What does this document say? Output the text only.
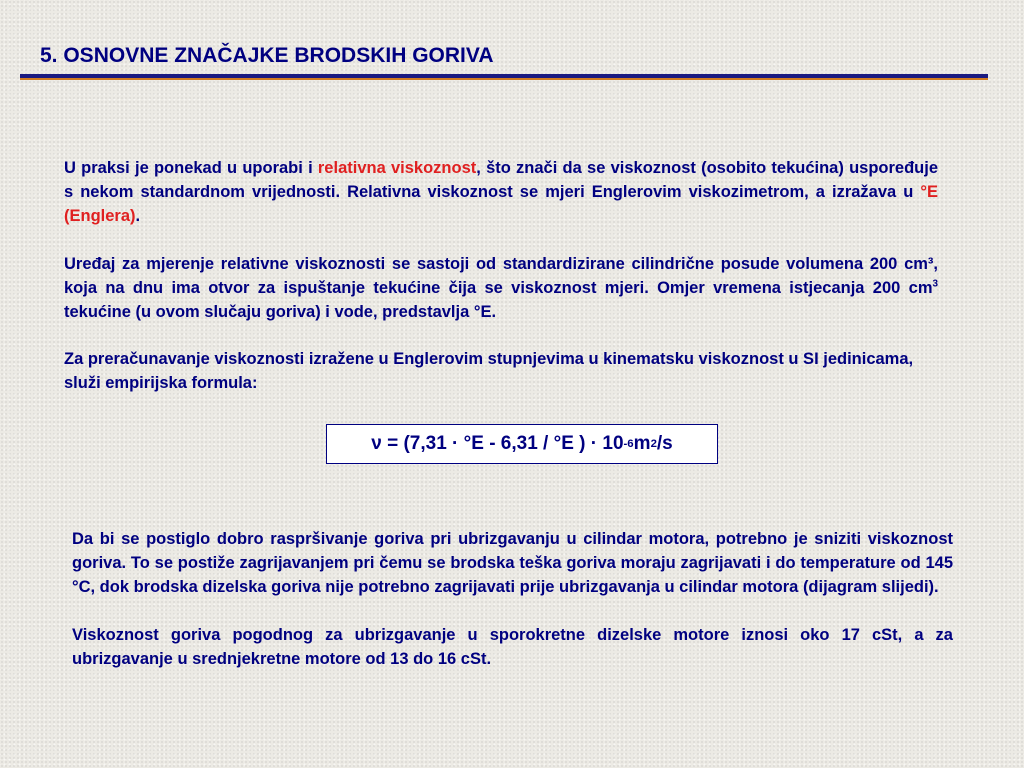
5. OSNOVNE ZNAČAJKE BRODSKIH GORIVA
U praksi je ponekad u uporabi i relativna viskoznost, što znači da se viskoznost (osobito tekućina) uspoređuje s nekom standardnom vrijednosti. Relativna viskoznost se mjeri Englerovim viskozimetrom, a izražava u °E (Englera).
Uređaj za mjerenje relativne viskoznosti se sastoji od standardizirane cilindrične posude volumena 200 cm³, koja na dnu ima otvor za ispuštanje tekućine čija se viskoznost mjeri. Omjer vremena istjecanja 200 $cm^3$ tekućine (u ovom slučaju goriva) i vode, predstavlja °E.
Za preračunavanje viskoznosti izražene u Englerovim stupnjevima u kinematsku viskoznost u SI jedinicama, služi empirijska formula:
ν = (7,31 · °E - 6,31 / °E ) · 10 -6 m 2 /s
Da bi se postiglo dobro raspršivanje goriva pri ubrizgavanju u cilindar motora, potrebno je sniziti viskoznost goriva. To se postiže zagrijavanjem pri čemu se brodska teška goriva moraju zagrijavati i do temperature od 145 °C, dok brodska dizelska goriva nije potrebno zagrijavati prije ubrizgavanja u cilindar motora (dijagram slijedi).
Viskoznost goriva pogodnog za ubrizgavanje u sporokretne dizelske motore iznosi oko 17 cSt, a za ubrizgavanje u srednjekretne motore od 13 do 16 cSt.
